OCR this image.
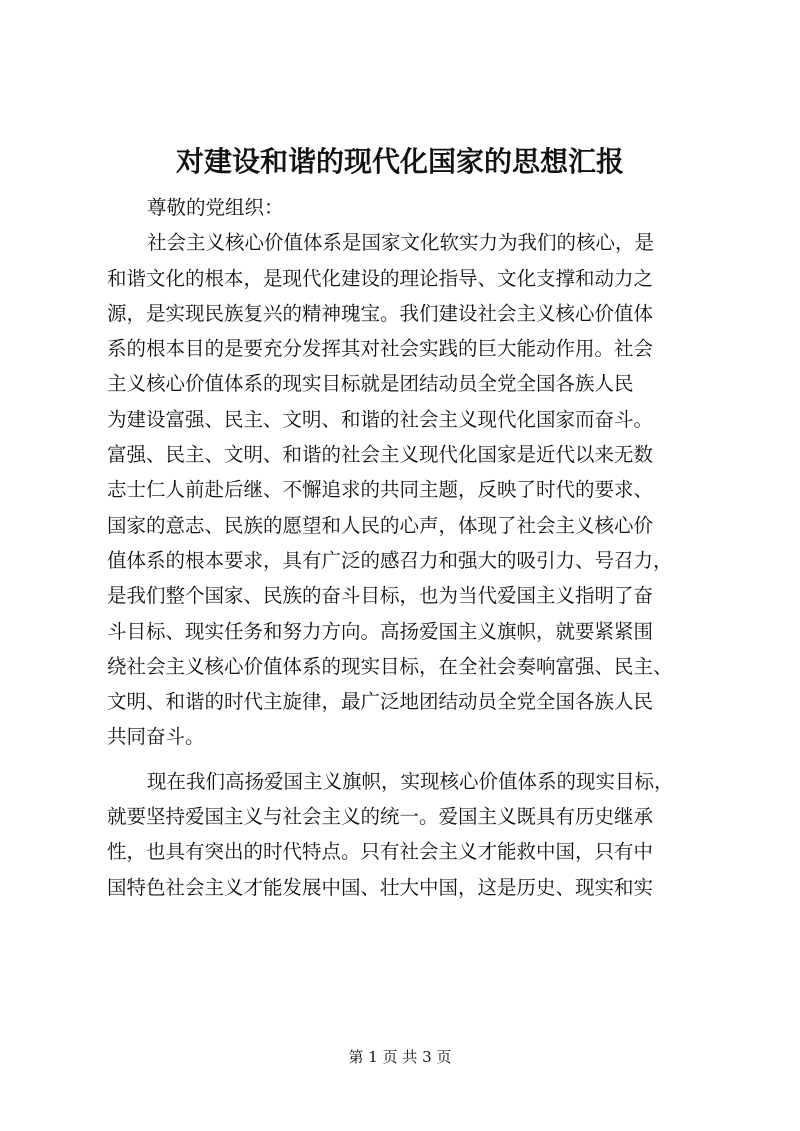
对建设和谐的现代化国家的思想汇报
尊敬的党组织：
社会主义核心价值体系是国家文化软实力为我们的核心，是
和谐文化的根本，是现代化建设的理论指导、文化支撑和动力之
源，是实现民族复兴的精神瑰宝。我们建设社会主义核心价值体
系的根本目的是要充分发挥其对社会实践的巨大能动作用。社会
主义核心价值体系的现实目标就是团结动员全党全国各族人民
为建设富强、民主、文明、和谐的社会主义现代化国家而奋斗。
富强、民主、文明、和谐的社会主义现代化国家是近代以来无数
志士仁人前赴后继、不懈追求的共同主题，反映了时代的要求、
国家的意志、民族的愿望和人民的心声，体现了社会主义核心价
值体系的根本要求，具有广泛的感召力和强大的吸引力、号召力，
是我们整个国家、民族的奋斗目标，也为当代爱国主义指明了奋
斗目标、现实任务和努力方向。高扬爱国主义旗帜，就要紧紧围
绕社会主义核心价值体系的现实目标，在全社会奏响富强、民主、
文明、和谐的时代主旋律，最广泛地团结动员全党全国各族人民
共同奋斗。
现在我们高扬爱国主义旗帜，实现核心价值体系的现实目标，
就要坚持爱国主义与社会主义的统一。爱国主义既具有历史继承
性，也具有突出的时代特点。只有社会主义才能救中国，只有中
国特色社会主义才能发展中国、壮大中国，这是历史、现实和实
第 1 页 共 3 页
